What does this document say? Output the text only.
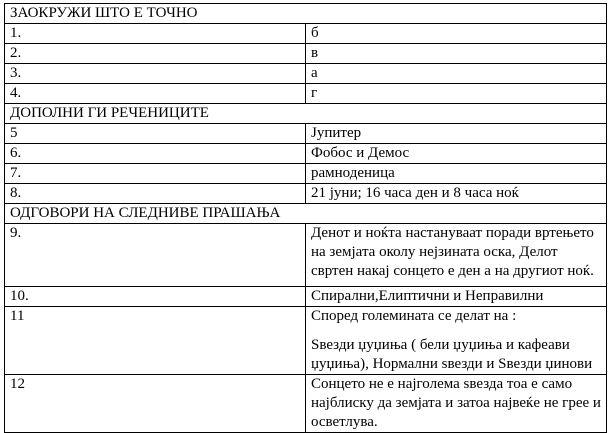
ЗАОКРУЖИ ШТО Е ТОЧНО	
1.	б
2.	в
3.	а
4.	г
ДОПОЛНИ ГИ РЕЧЕНИЦИТЕ	
5	Јупитер
6.	Фобос и Демос
7.	рамноденица
8.	21 јуни; 16 часа ден и 8 часа ноќ
ОДГОВОРИ НА СЛЕДНИВЕ ПРАШАЊА	
9.	Денот и ноќта настануваат поради вртењето на земјата околу нејзината оска, Делот свртен накај сонцето е ден а на другиот ноќ.
10.	Спирални,Елиптични и Неправилни
11	Според големината се делат на :
Ѕвезди џуџиња ( бели џуџиња и кафеави џуџиња), Нормални ѕвезди и Ѕвезди џинови

12	Сонцето не е најголема ѕвезда тоа е само најблиску да земјата и затоа највеќе не грее и осветлува.
